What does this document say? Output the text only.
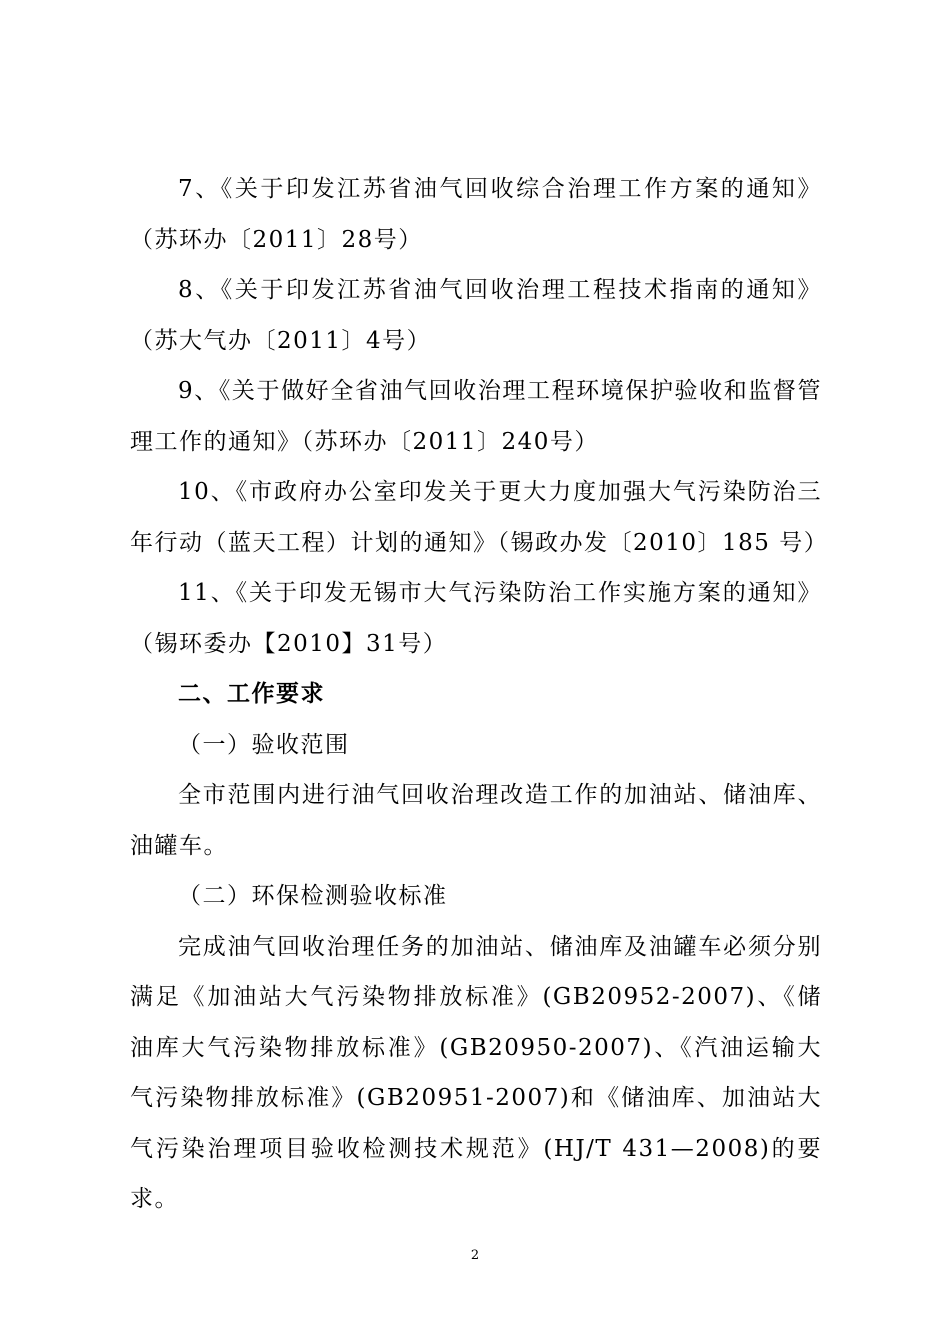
7、《关于印发江苏省油气回收综合治理工作方案的通知》（苏环办〔2011〕28号）

8、《关于印发江苏省油气回收治理工程技术指南的通知》（苏大气办〔2011〕4号）

9、《关于做好全省油气回收治理工程环境保护验收和监督管理工作的通知》（苏环办〔2011〕240号）

10、《市政府办公室印发关于更大力度加强大气污染防治三年行动（蓝天工程）计划的通知》（锡政办发〔2010〕185 号）

11、《关于印发无锡市大气污染防治工作实施方案的通知》（锡环委办【2010】31号）

二、工作要求

（一）验收范围

全市范围内进行油气回收治理改造工作的加油站、储油库、油罐车。

（二）环保检测验收标准

完成油气回收治理任务的加油站、储油库及油罐车必须分别满足《加油站大气污染物排放标准》(GB20952-2007)、《储油库大气污染物排放标准》(GB20950-2007)、《汽油运输大气污染物排放标准》(GB20951-2007)和《储油库、加油站大气污染治理项目验收检测技术规范》(HJ/T 431—2008)的要求。

2
